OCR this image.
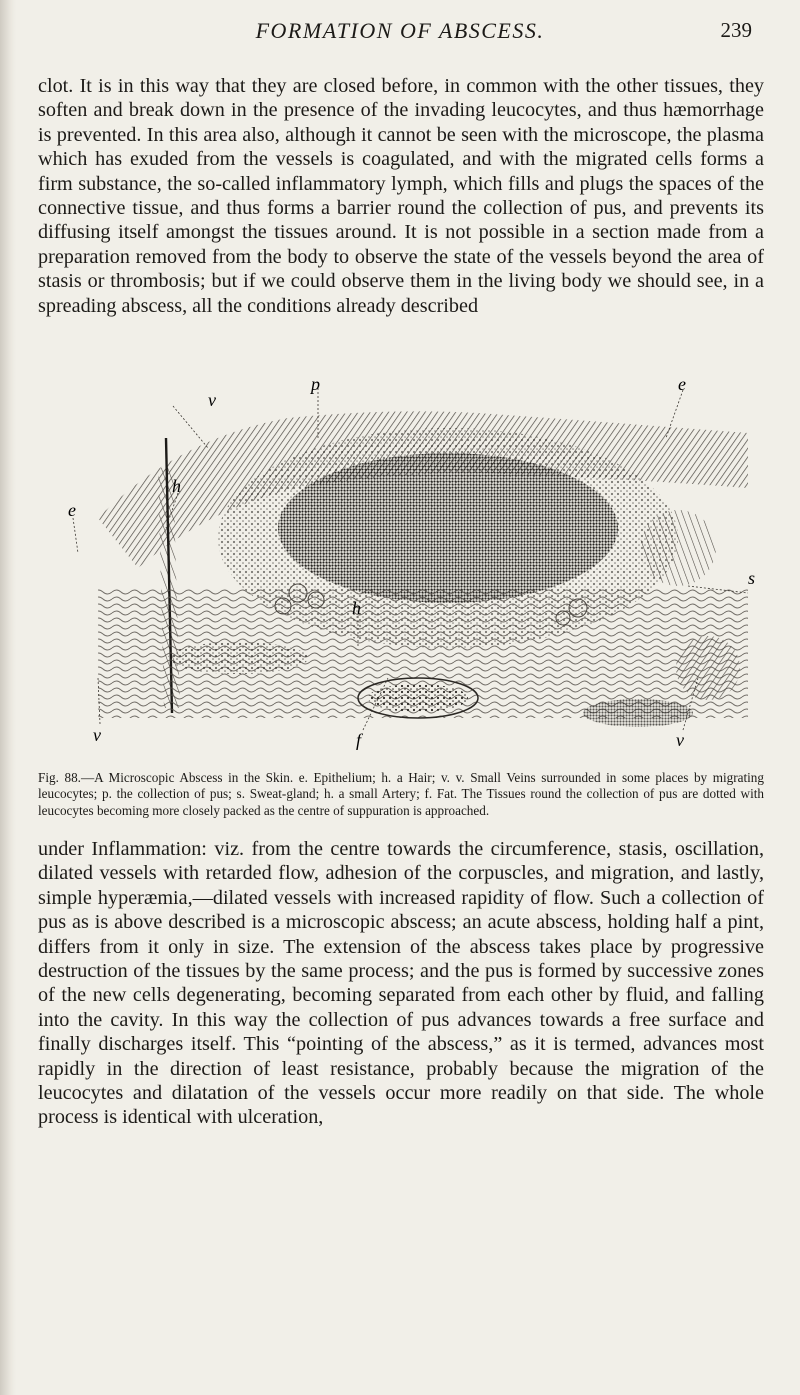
FORMATION OF ABSCESS.	239

clot. It is in this way that they are closed before, in common with the other tissues, they soften and break down in the presence of the invading leucocytes, and thus hæmorrhage is prevented. In this area also, although it cannot be seen with the microscope, the plasma which has exuded from the vessels is coagulated, and with the migrated cells forms a firm substance, the so-called inflammatory lymph, which fills and plugs the spaces of the connective tissue, and thus forms a barrier round the collection of pus, and prevents its diffusing itself amongst the tissues around. It is not possible in a section made from a preparation removed from the body to observe the state of the vessels beyond the area of stasis or thrombosis; but if we could observe them in the living body we should see, in a spreading abscess, all the conditions already described

p	e
v
h
e
s
h
v	f	v

Fig. 88.—A Microscopic Abscess in the Skin. e. Epithelium; h. a Hair; v. v. Small Veins surrounded in some places by migrating leucocytes; p. the collection of pus; s. Sweat-gland; h. a small Artery; f. Fat. The Tissues round the collection of pus are dotted with leucocytes becoming more closely packed as the centre of suppuration is approached.

under Inflammation: viz. from the centre towards the circumference, stasis, oscillation, dilated vessels with retarded flow, adhesion of the corpuscles, and migration, and lastly, simple hyperæmia,—dilated vessels with increased rapidity of flow. Such a collection of pus as is above described is a microscopic abscess; an acute abscess, holding half a pint, differs from it only in size. The extension of the abscess takes place by progressive destruction of the tissues by the same process; and the pus is formed by successive zones of the new cells degenerating, becoming separated from each other by fluid, and falling into the cavity. In this way the collection of pus advances towards a free surface and finally discharges itself. This “pointing of the abscess,” as it is termed, advances most rapidly in the direction of least resistance, probably because the migration of the leucocytes and dilatation of the vessels occur more readily on that side. The whole process is identical with ulceration,
